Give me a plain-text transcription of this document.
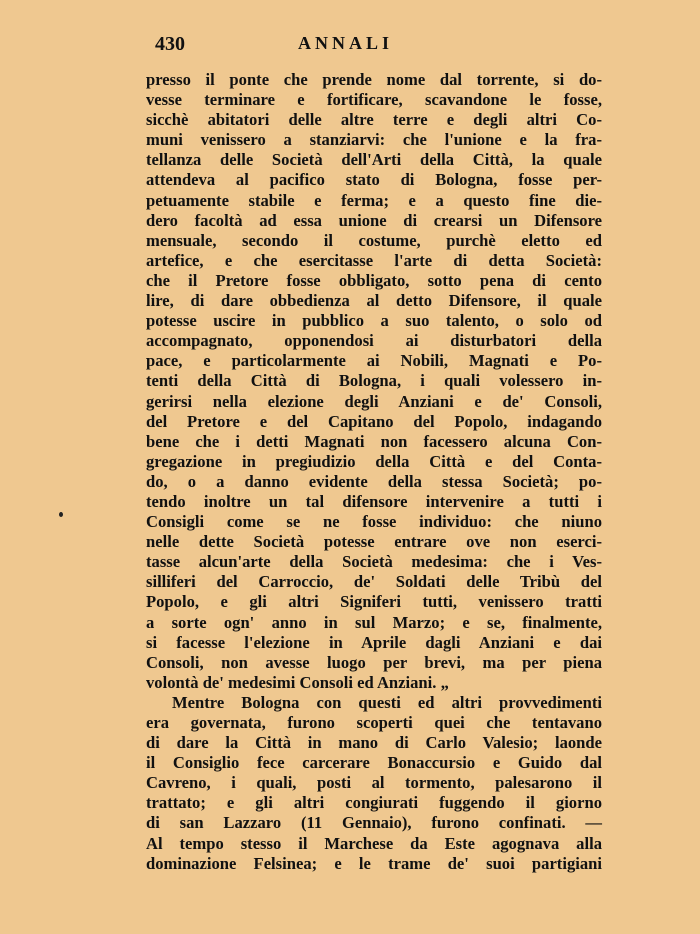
430	ANNALI
presso il ponte che prende nome dal torrente, si do-
vesse terminare e fortificare, scavandone le fosse,
sicchè abitatori delle altre terre e degli altri Co-
muni venissero a stanziarvi: che l'unione e la fra-
tellanza delle Società dell'Arti della Città, la quale
attendeva al pacifico stato di Bologna, fosse per-
petuamente stabile e ferma; e a questo fine die-
dero facoltà ad essa unione di crearsi un Difensore
mensuale, secondo il costume, purchè eletto ed
artefice, e che esercitasse l'arte di detta Società:
che il Pretore fosse obbligato, sotto pena di cento
lire, di dare obbedienza al detto Difensore, il quale
potesse uscire in pubblico a suo talento, o solo od
accompagnato, opponendosi ai disturbatori della
pace, e particolarmente ai Nobili, Magnati e Po-
tenti della Città di Bologna, i quali volessero in-
gerirsi nella elezione degli Anziani e de' Consoli,
del Pretore e del Capitano del Popolo, indagando
bene che i detti Magnati non facessero alcuna Con-
gregazione in pregiudizio della Città e del Conta-
do, o a danno evidente della stessa Società; po-
tendo inoltre un tal difensore intervenire a tutti i
Consigli come se ne fosse individuo: che niuno
nelle dette Società potesse entrare ove non eserci-
tasse alcun'arte della Società medesima: che i Ves-
silliferi del Carroccio, de' Soldati delle Tribù del
Popolo, e gli altri Signiferi tutti, venissero tratti
a sorte ogn' anno in sul Marzo; e se, finalmente,
si facesse l'elezione in Aprile dagli Anziani e dai
Consoli, non avesse luogo per brevi, ma per piena
volontà de' medesimi Consoli ed Anziani. „
Mentre Bologna con questi ed altri provvedimenti
era governata, furono scoperti quei che tentavano
di dare la Città in mano di Carlo Valesio; laonde
il Consiglio fece carcerare Bonaccursio e Guido dal
Cavreno, i quali, posti al tormento, palesarono il
trattato; e gli altri congiurati fuggendo il giorno
di san Lazzaro (11 Gennaio), furono confinati. —
Al tempo stesso il Marchese da Este agognava alla
dominazione Felsinea; e le trame de' suoi partigiani
